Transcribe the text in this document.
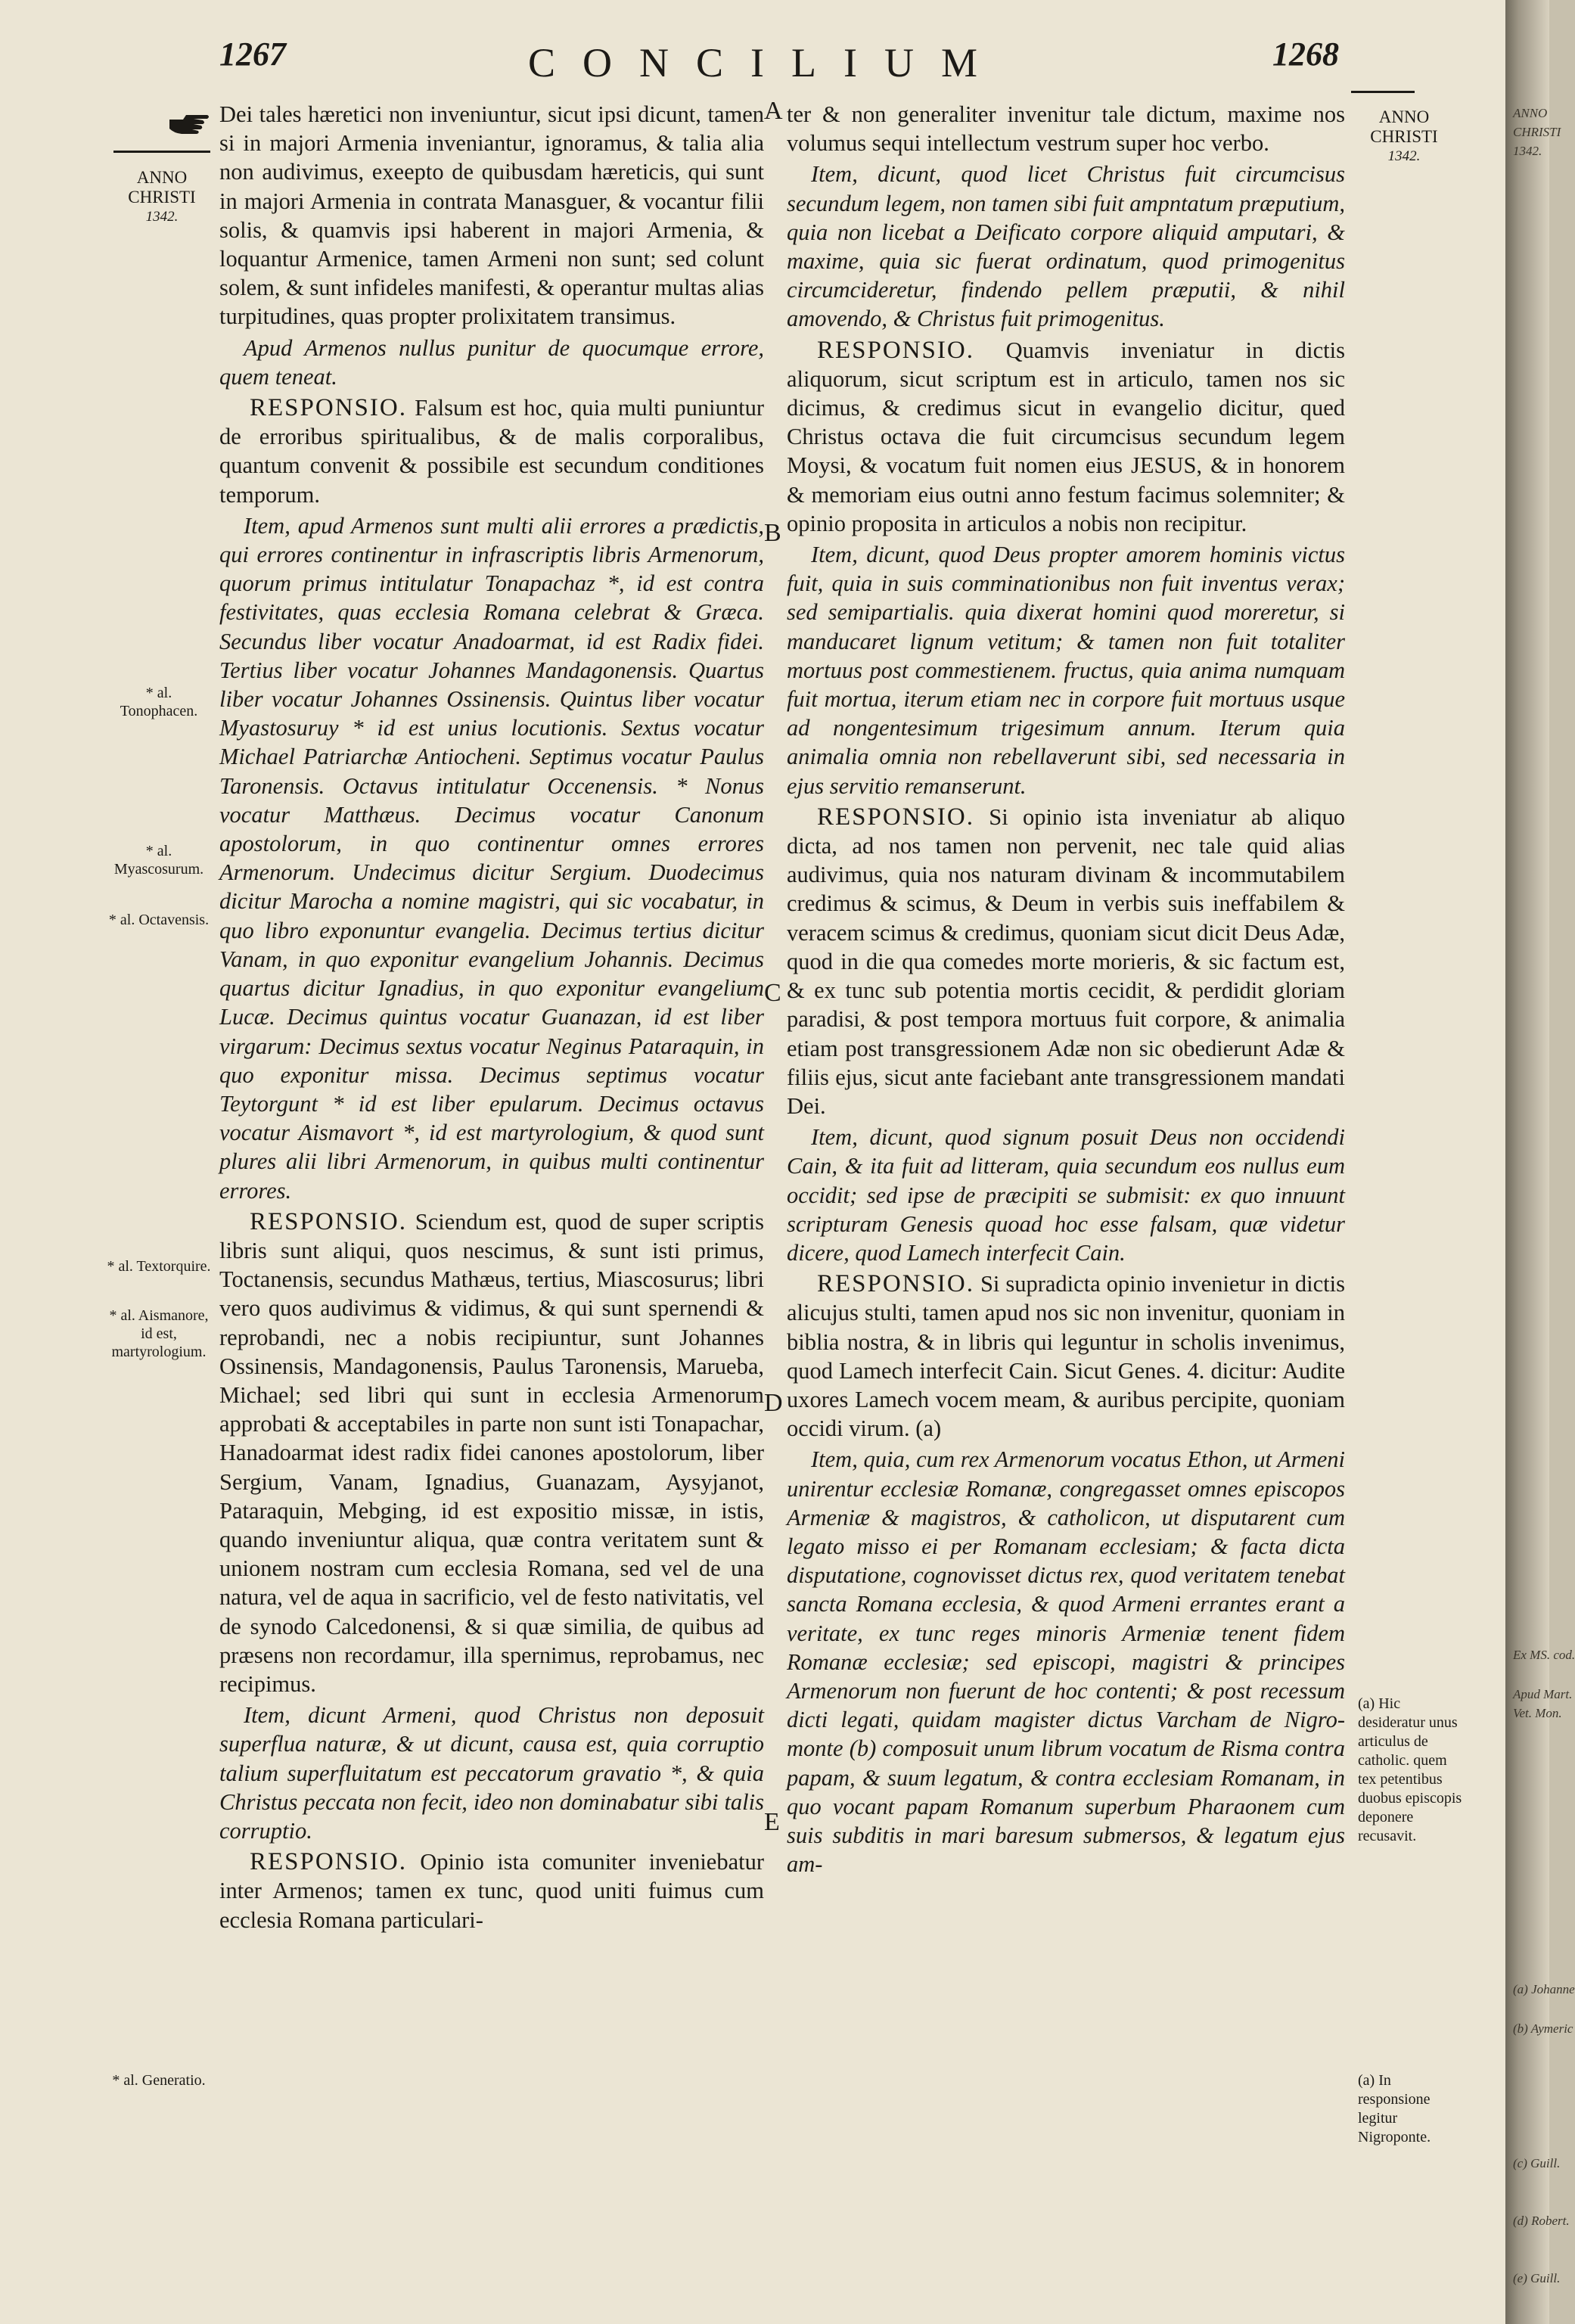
1267	CONCILIUM	1268
ANNO
CHRISTI
1342.
* al. Tonophacen.
* al. Myascosurum.
* al. Octavensis.
* al. Textorquire.
* al. Aismanore, id est, martyrologium.
* al. Generatio.

Dei tales hæretici non inveniuntur, sicut ipsi dicunt, tamen si in majori Armenia inveniantur, ignoramus, & talia alia non audivimus, exeepto de quibusdam hæreticis, qui sunt in majori Armenia in contrata Manasguer, & vocantur filii solis, & quamvis ipsi haberent in majori Armenia, & loquantur Armenice, tamen Armeni non sunt; sed colunt solem, & sunt infideles manifesti, & operantur multas alias turpitudines, quas propter prolixitatem transimus.

Apud Armenos nullus punitur de quocumque errore, quem teneat.

RESPONSIO. Falsum est hoc, quia multi puniuntur de erroribus spiritualibus, & de malis corporalibus, quantum convenit & possibile est secundum conditiones temporum.

Item, apud Armenos sunt multi alii errores a prædictis, qui errores continentur in infrascriptis libris Armenorum, quorum primus intitulatur Tonapachaz *, id est contra festivitates, quas ecclesia Romana celebrat & Græca. Secundus liber vocatur Anadoarmat, id est Radix fidei. Tertius liber vocatur Johannes Mandagonensis. Quartus liber vocatur Johannes Ossinensis. Quintus liber vocatur Myastosuruy * id est unius locutionis. Sextus vocatur Michael Patriarchæ Antiocheni. Septimus vocatur Paulus Taronensis. Octavus intitulatur Occenensis. * Nonus vocatur Matthæus. Decimus vocatur Canonum apostolorum, in quo continentur omnes errores Armenorum. Undecimus dicitur Sergium. Duodecimus dicitur Marocha a nomine magistri, qui sic vocabatur, in quo libro exponuntur evangelia. Decimus tertius dicitur Vanam, in quo exponitur evangelium Johannis. Decimus quartus dicitur Ignadius, in quo exponitur evangelium Lucæ. Decimus quintus vocatur Guanazan, id est liber virgarum: Decimus sextus vocatur Neginus Pataraquin, in quo exponitur missa. Decimus septimus vocatur Teytorgunt * id est liber epularum. Decimus octavus vocatur Aismavort *, id est martyrologium, & quod sunt plures alii libri Armenorum, in quibus multi continentur errores.

RESPONSIO. Sciendum est, quod de super scriptis libris sunt aliqui, quos nescimus, & sunt isti primus, Toctanensis, secundus Mathæus, tertius, Miascosurus; libri vero quos audivimus & vidimus, & qui sunt spernendi & reprobandi, nec a nobis recipiuntur, sunt Johannes Ossinensis, Mandagonensis, Paulus Taronensis, Marueba, Michael; sed libri qui sunt in ecclesia Armenorum approbati & acceptabiles in parte non sunt isti Tonapachar, Hanadoarmat idest radix fidei canones apostolorum, liber Sergium, Vanam, Ignadius, Guanazam, Aysyjanot, Pataraquin, Mebging, id est expositio missæ, in istis, quando inveniuntur aliqua, quæ contra veritatem sunt & unionem nostram cum ecclesia Romana, sed vel de una natura, vel de aqua in sacrificio, vel de festo nativitatis, vel de synodo Calcedonensi, & si quæ similia, de quibus ad præsens non recordamur, illa spernimus, reprobamus, nec recipimus.

Item, dicunt Armeni, quod Christus non deposuit superflua naturæ, & ut dicunt, causa est, quia corruptio talium superfluitatum est peccatorum gravatio *, & quia Christus peccata non fecit, ideo non dominabatur sibi talis corruptio.

RESPONSIO. Opinio ista comuniter inveniebatur inter Armenos; tamen ex tunc, quod uniti fuimus cum ecclesia Romana particulari-

A
B
C
D
E

ter & non generaliter invenitur tale dictum, maxime nos volumus sequi intellectum vestrum super hoc verbo.

Item, dicunt, quod licet Christus fuit circumcisus secundum legem, non tamen sibi fuit ampntatum præputium, quia non licebat a Deificato corpore aliquid amputari, & maxime, quia sic fuerat ordinatum, quod primogenitus circumcideretur, findendo pellem præputii, & nihil amovendo, & Christus fuit primogenitus.

RESPONSIO. Quamvis inveniatur in dictis aliquorum, sicut scriptum est in articulo, tamen nos sic dicimus, & credimus sicut in evangelio dicitur, qued Christus octava die fuit circumcisus secundum legem Moysi, & vocatum fuit nomen eius JESUS, & in honorem & memoriam eius outni anno festum facimus solemniter; & opinio proposita in articulos a nobis non recipitur.

Item, dicunt, quod Deus propter amorem hominis victus fuit, quia in suis comminationibus non fuit inventus verax; sed semipartialis. quia dixerat homini quod moreretur, si manducaret lignum vetitum; & tamen non fuit totaliter mortuus post commestienem. fructus, quia anima numquam fuit mortua, iterum etiam nec in corpore fuit mortuus usque ad nongentesimum trigesimum annum. Iterum quia animalia omnia non rebellaverunt sibi, sed necessaria in ejus servitio remanserunt.

RESPONSIO. Si opinio ista inveniatur ab aliquo dicta, ad nos tamen non pervenit, nec tale quid alias audivimus, quia nos naturam divinam & incommutabilem credimus & scimus, & Deum in verbis suis ineffabilem & veracem scimus & credimus, quoniam sicut dicit Deus Adæ, quod in die qua comedes morte morieris, & sic factum est, & ex tunc sub potentia mortis cecidit, & perdidit gloriam paradisi, & post tempora mortuus fuit corpore, & animalia etiam post transgressionem Adæ non sic obedierunt Adæ & filiis ejus, sicut ante faciebant ante transgressionem mandati Dei.

Item, dicunt, quod signum posuit Deus non occidendi Cain, & ita fuit ad litteram, quia secundum eos nullus eum occidit; sed ipse de præcipiti se submisit: ex quo innuunt scripturam Genesis quoad hoc esse falsam, quæ videtur dicere, quod Lamech interfecit Cain.

RESPONSIO. Si supradicta opinio invenietur in dictis alicujus stulti, tamen apud nos sic non invenitur, quoniam in biblia nostra, & in libris qui leguntur in scholis invenimus, quod Lamech interfecit Cain. Sicut Genes. 4. dicitur: Audite uxores Lamech vocem meam, & auribus percipite, quoniam occidi virum. (a)

Item, quia, cum rex Armenorum vocatus Ethon, ut Armeni unirentur ecclesiæ Romanæ, congregasset omnes episcopos Armeniæ & magistros, & catholicon, ut disputarent cum legato misso ei per Romanam ecclesiam; & facta dicta disputatione, cognovisset dictus rex, quod veritatem tenebat sancta Romana ecclesia, & quod Armeni errantes erant a veritate, ex tunc reges minoris Armeniæ tenent fidem Romanæ ecclesiæ; sed episcopi, magistri & principes Armenorum non fuerunt de hoc contenti; & post recessum dicti legati, quidam magister dictus Varcham de Nigro-monte (b) composuit unum librum vocatum de Risma contra papam, & suum legatum, & contra ecclesiam Romanam, in quo vocant papam Romanum superbum Pharaonem cum suis subditis in mari baresum submersos, & legatum ejus am-

ANNO
CHRISTI
1342.
(a) Hic desideratur unus articulus de catholic. quem tex petentibus duobus episcopis deponere recusavit.
(a) In responsione legitur Nigroponte.
ANNO
CHRISTI
1342.
Ex MS. cod.
Apud Mart.
Vet. Mon.
(a) Johanne
(b) Aymeric
(c) Guill.
(d) Robert.
(e) Guill.
